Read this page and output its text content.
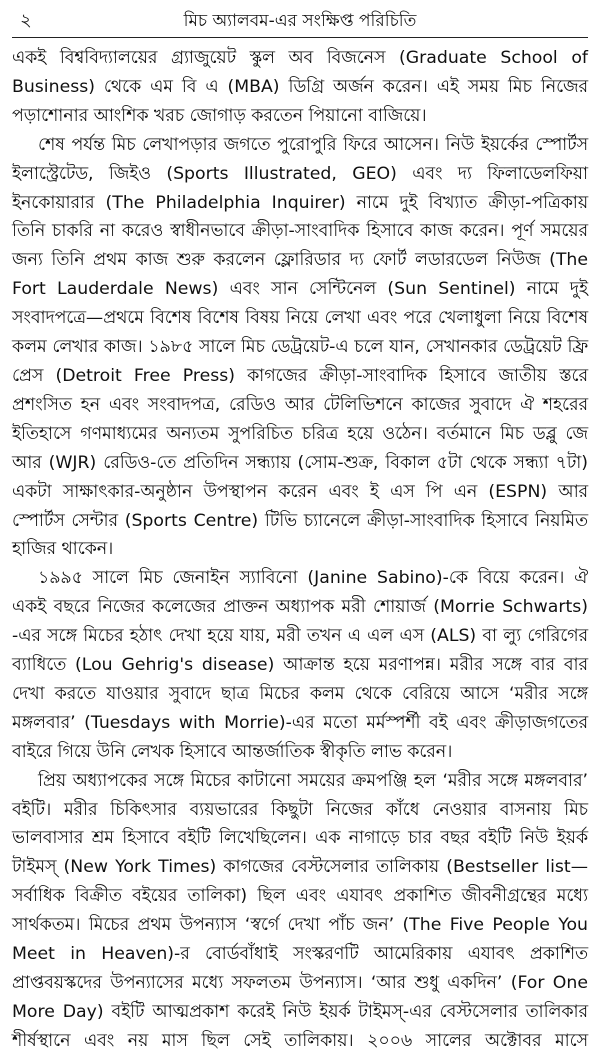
২	মিচ অ্যালবম-এর সংক্ষিপ্ত পরিচিতি

একই বিশ্ববিদ্যালয়ের গ্র্যাজুয়েট স্কুল অব বিজনেস (Graduate School of Business) থেকে এম বি এ (MBA) ডিগ্রি অর্জন করেন। এই সময় মিচ নিজের পড়াশোনার আংশিক খরচ জোগাড় করতেন পিয়ানো বাজিয়ে।

শেষ পর্যন্ত মিচ লেখাপড়ার জগতে পুরোপুরি ফিরে আসেন। নিউ ইয়র্কের স্পোর্টস ইলাস্ট্রেটেড, জিইও (Sports Illustrated, GEO) এবং দ্য ফিলাডেলফিয়া ইনকোয়ারার (The Philadelphia Inquirer) নামে দুই বিখ্যাত ক্রীড়া-পত্রিকায় তিনি চাকরি না করেও স্বাধীনভাবে ক্রীড়া-সাংবাদিক হিসাবে কাজ করেন। পূর্ণ সময়ের জন্য তিনি প্রথম কাজ শুরু করলেন ফ্লোরিডার দ্য ফোর্ট লডারডেল নিউজ (The Fort Lauderdale News) এবং সান সেন্টিনেল (Sun Sentinel) নামে দুই সংবাদপত্রে—প্রথমে বিশেষ বিশেষ বিষয় নিয়ে লেখা এবং পরে খেলাধুলা নিয়ে বিশেষ কলম লেখার কাজ। ১৯৮৫ সালে মিচ ডেট্রয়েট-এ চলে যান, সেখানকার ডেট্রয়েট ফ্রি প্রেস (Detroit Free Press) কাগজের ক্রীড়া-সাংবাদিক হিসাবে জাতীয় স্তরে প্রশংসিত হন এবং সংবাদপত্র, রেডিও আর টেলিভিশনে কাজের সুবাদে ঐ শহরের ইতিহাসে গণমাধ্যমের অন্যতম সুপরিচিত চরিত্র হয়ে ওঠেন। বর্তমানে মিচ ডব্লু জে আর (WJR) রেডিও-তে প্রতিদিন সন্ধ্যায় (সোম-শুক্র, বিকাল ৫টা থেকে সন্ধ্যা ৭টা) একটা সাক্ষাৎকার-অনুষ্ঠান উপস্থাপন করেন এবং ই এস পি এন (ESPN) আর স্পোর্টস সেন্টার (Sports Centre) টিভি চ্যানেলে ক্রীড়া-সাংবাদিক হিসাবে নিয়মিত হাজির থাকেন।

১৯৯৫ সালে মিচ জেনাইন স্যাবিনো (Janine Sabino)-কে বিয়ে করেন। ঐ একই বছরে নিজের কলেজের প্রাক্তন অধ্যাপক মরী শোয়ার্জ (Morrie Schwarts) -এর সঙ্গে মিচের হঠাৎ দেখা হয়ে যায়, মরী তখন এ এল এস (ALS) বা ল্যু গেরিগের ব্যাধিতে (Lou Gehrig's disease) আক্রান্ত হয়ে মরণাপন্ন। মরীর সঙ্গে বার বার দেখা করতে যাওয়ার সুবাদে ছাত্র মিচের কলম থেকে বেরিয়ে আসে ‘মরীর সঙ্গে মঙ্গলবার’ (Tuesdays with Morrie)-এর মতো মর্মস্পর্শী বই এবং ক্রীড়াজগতের বাইরে গিয়ে উনি লেখক হিসাবে আন্তর্জাতিক স্বীকৃতি লাভ করেন।

প্রিয় অধ্যাপকের সঙ্গে মিচের কাটানো সময়ের ক্রমপঞ্জি হল ‘মরীর সঙ্গে মঙ্গলবার’ বইটি। মরীর চিকিৎসার ব্যয়ভারের কিছুটা নিজের কাঁধে নেওয়ার বাসনায় মিচ ভালবাসার শ্রম হিসাবে বইটি লিখেছিলেন। এক নাগাড়ে চার বছর বইটি নিউ ইয়র্ক টাইমস্ (New York Times) কাগজের বেস্টসেলার তালিকায় (Bestseller list—সর্বাধিক বিক্রীত বইয়ের তালিকা) ছিল এবং এযাবৎ প্রকাশিত জীবনীগ্রন্থের মধ্যে সার্থকতম। মিচের প্রথম উপন্যাস ‘স্বর্গে দেখা পাঁচ জন’ (The Five People You Meet in Heaven)-র বোর্ডবাঁধাই সংস্করণটি আমেরিকায় এযাবৎ প্রকাশিত প্রাপ্তবয়স্কদের উপন্যাসের মধ্যে সফলতম উপন্যাস। ‘আর শুধু একদিন’ (For One More Day) বইটি আত্মপ্রকাশ করেই নিউ ইয়র্ক টাইমস্-এর বেস্টসেলার তালিকার শীর্ষস্থানে এবং নয় মাস ছিল সেই তালিকায়। ২০০৬ সালের অক্টোবর মাসে
